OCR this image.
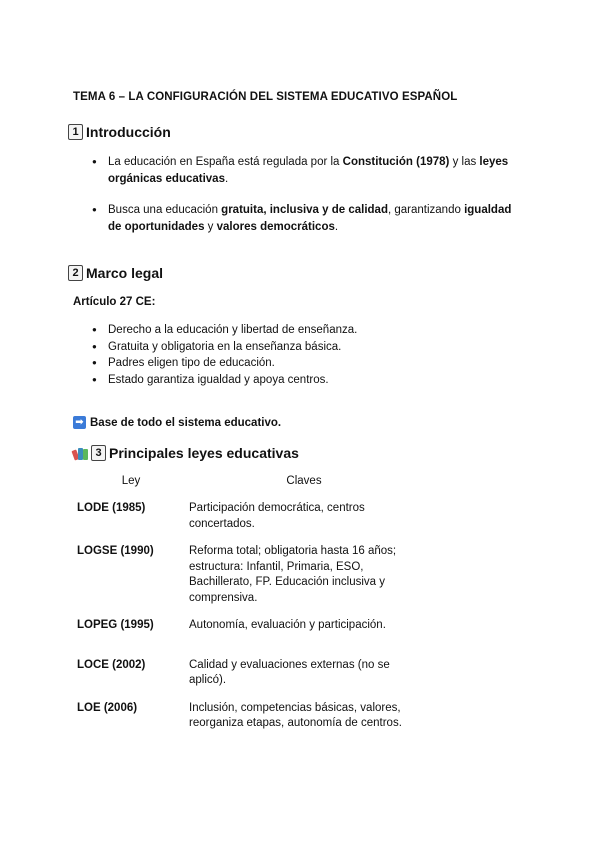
TEMA 6 – LA CONFIGURACIÓN DEL SISTEMA EDUCATIVO ESPAÑOL
1 Introducción
● La educación en España está regulada por la Constitución (1978) y las leyes orgánicas educativas.
● Busca una educación gratuita, inclusiva y de calidad, garantizando igualdad de oportunidades y valores democráticos.
2 Marco legal
Artículo 27 CE:
● Derecho a la educación y libertad de enseñanza.
● Gratuita y obligatoria en la enseñanza básica.
● Padres eligen tipo de educación.
● Estado garantiza igualdad y apoya centros.
➡ Base de todo el sistema educativo.
3 Principales leyes educativas
Ley	Claves
LODE (1985)	Participación democrática, centros concertados.
LOGSE (1990)	Reforma total; obligatoria hasta 16 años; estructura: Infantil, Primaria, ESO, Bachillerato, FP. Educación inclusiva y comprensiva.
LOPEG (1995)	Autonomía, evaluación y participación.
LOCE (2002)	Calidad y evaluaciones externas (no se aplicó).
LOE (2006)	Inclusión, competencias básicas, valores, reorganiza etapas, autonomía de centros.
